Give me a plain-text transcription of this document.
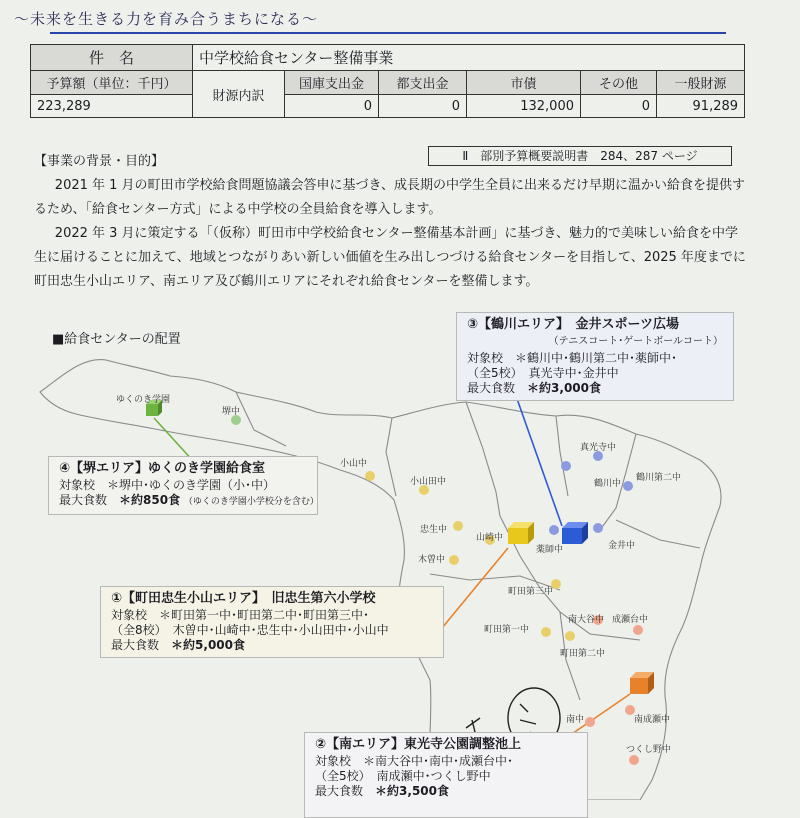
～未来を生きる力を育み合うまちになる～
件　名	中学校給食センター整備事業					
予算額（単位：千円）	財源内訳	国庫支出金	都支出金	市債	その他	一般財源
223,289		0	0	132,000	0	91,289
【事業の背景・目的】	Ⅱ　部別予算概要説明書　284、287 ページ

2021 年 1 月の町田市学校給食問題協議会答申に基づき、成長期の中学生全員に出来るだけ早期に温かい給食を提供するため、「給食センター方式」による中学校の全員給食を導入します。

2022 年 3 月に策定する「（仮称）町田市中学校給食センター整備基本計画」に基づき、魅力的で美味しい給食を中学生に届けることに加えて、地域とつながりあい新しい価値を生み出しつづける給食センターを目指して、2025 年度までに町田忠生小山エリア、南エリア及び鶴川エリアにそれぞれ給食センターを整備します。

■給食センターの配置
ゆくのき学園
堺中
小山中
小山田中
忠生中
木曽中
山崎中
薬師中	金井中
真光寺中
鶴川第二中
鶴川中
町田第三中
町田第一中
町田第二中
南大谷中 成瀬台中
南中	南成瀬中
つくし野中
③【鶴川エリア】　金井スポーツ広場
（テニスコート･ゲートボールコート）
対象校　 ＊鶴川中･鶴川第二中･薬師中･
（全5校）　 真光寺中･金井中
最大食数　 ＊約3,000食
④【堺エリア】ゆくのき学園給食室
対象校　 ＊堺中･ゆくのき学園（小･中）
最大食数　 ＊約850食 （ゆくのき学園小学校分を含む）
①【町田忠生小山エリア】　旧忠生第六小学校
対象校　 ＊町田第一中･町田第二中･町田第三中･
（全8校）　 木曽中･山崎中･忠生中･小山田中･小山中
最大食数　 ＊約5,000食
②【南エリア】東光寺公園調整池上
対象校　 ＊南大谷中･南中･成瀬台中･
（全5校）　 南成瀬中･つくし野中
最大食数　 ＊約3,500食
